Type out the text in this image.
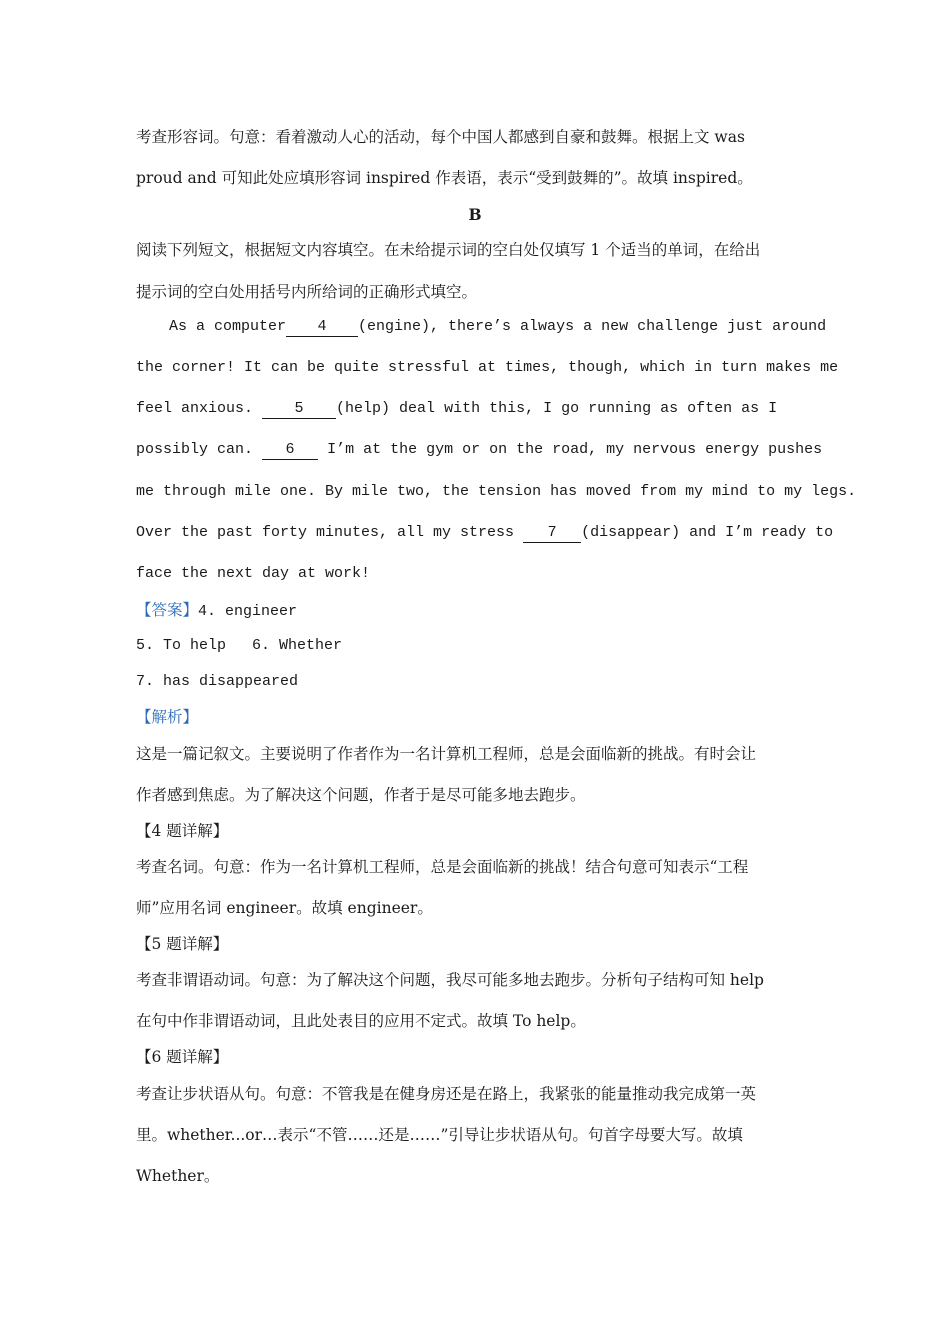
考查形容词。句意：看着激动人心的活动，每个中国人都感到自豪和鼓舞。根据上文 was
proud and 可知此处应填形容词 inspired 作表语，表示“受到鼓舞的”。故填 inspired。
B
阅读下列短文，根据短文内容填空。在未给提示词的空白处仅填写 1 个适当的单词，在给出
提示词的空白处用括号内所给词的正确形式填空。
As a computer 4 (engine), there’s always a new challenge just around
the corner! It can be quite stressful at times, though, which in turn makes me
feel anxious.	5 (help) deal with this, I go running as often as I
possibly can. 6 I’m at the gym or on the road, my nervous energy pushes
me through mile one. By mile two, the tension has moved from my mind to my legs.
Over the past forty minutes, all my stress 7 (disappear) and I’m ready to
face the next day at work!
【答案】4. engineer
5. To help 6. Whether
7. has disappeared
【解析】
这是一篇记叙文。主要说明了作者作为一名计算机工程师，总是会面临新的挑战。有时会让
作者感到焦虑。为了解决这个问题，作者于是尽可能多地去跑步。
【4 题详解】
考查名词。句意：作为一名计算机工程师，总是会面临新的挑战！结合句意可知表示“工程
师”应用名词 engineer。故填 engineer。
【5 题详解】
考查非谓语动词。句意：为了解决这个问题，我尽可能多地去跑步。分析句子结构可知 help
在句中作非谓语动词，且此处表目的应用不定式。故填 To help。
【6 题详解】
考查让步状语从句。句意：不管我是在健身房还是在路上，我紧张的能量推动我完成第一英
里。whether...or…表示“不管……还是……”引导让步状语从句。句首字母要大写。故填
Whether。
